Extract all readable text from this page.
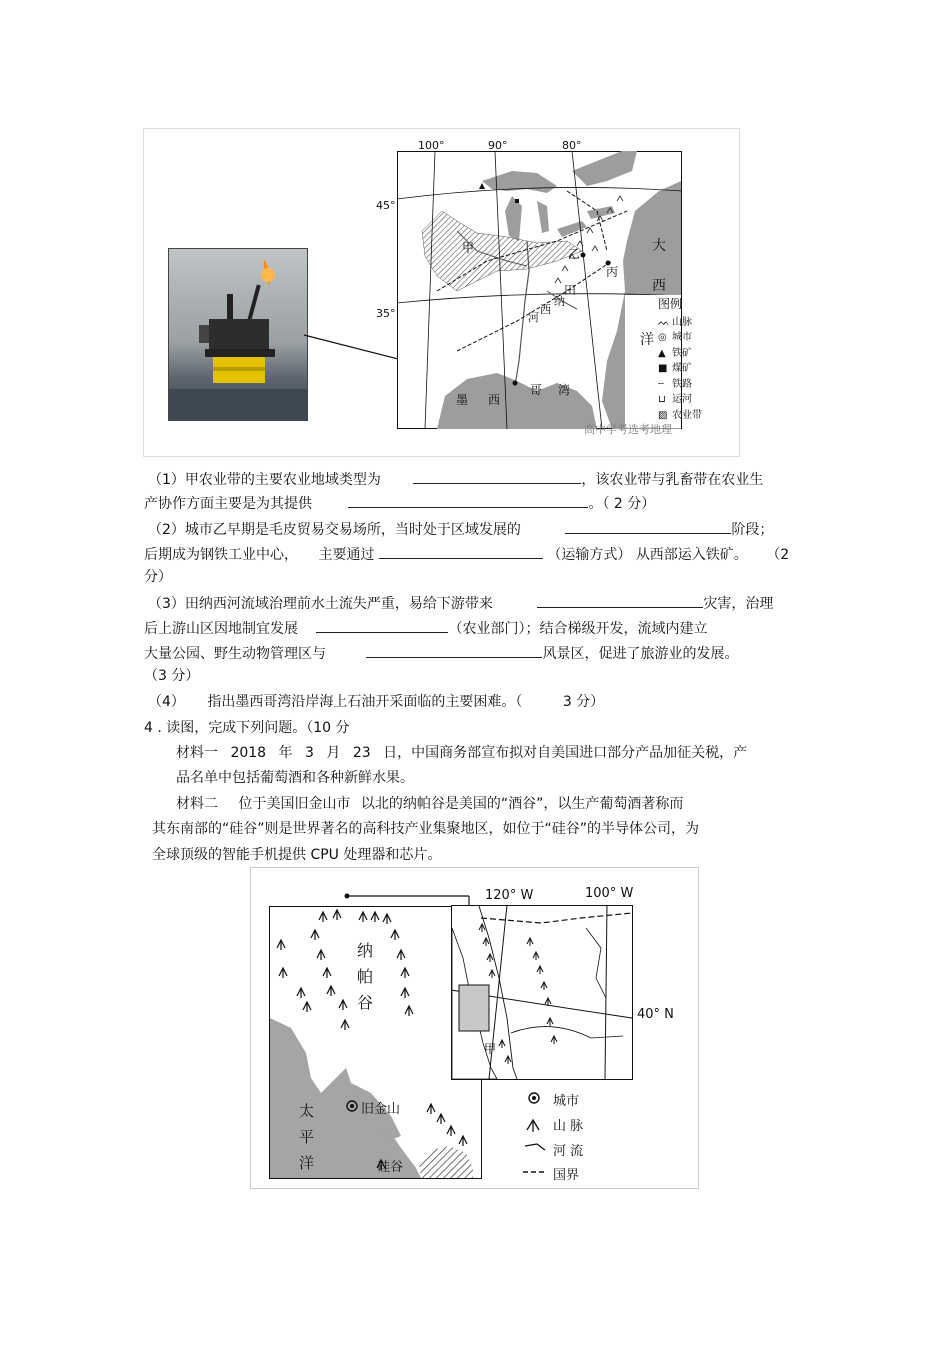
100°	90°	80°
45°
35°
甲	乙
丙
田
纳
西
河
大
西
洋
墨 西
哥 湾
图例
ᨓ 山脉
◎ 城市
▲ 铁矿
■ 煤矿
┄ 铁路
⊔ 运河
▨ 农业带
高中学考选考地理
（1）甲农业带的主要农业地域类型为	，该农业带与乳畜带在农业生
产协作方面主要是为其提供	。（ 2 分）
（2）城市乙早期是毛皮贸易交易场所，当时处于区域发展的	阶段；
后期成为钢铁工业中心， 主要通过	（运输方式） 从西部运入铁矿。 （2
分）
（3）田纳西河流域治理前水土流失严重，易给下游带来	灾害，治理
后上游山区因地制宜发展	（农业部门）；结合梯级开发，流域内建立
大量公园、野生动物管理区与	风景区，促进了旅游业的发展。
（3 分）
（4） 指出墨西哥湾沿岸海上石油开采面临的主要困难。（	3 分）
4 . 读图，完成下列问题。（10 分
材料一 2018 年 3 月 23 日，中国商务部宣布拟对自美国进口部分产品加征关税，产
品名单中包括葡萄酒和各种新鲜水果。
材料二 位于美国旧金山市 以北的纳帕谷是美国的“酒谷”，以生产葡萄酒著称而
其东南部的“硅谷”则是世界著名的高科技产业集聚地区，如位于“硅谷”的半导体公司，为
全球顶级的智能手机提供 CPU 处理器和芯片。
纳
帕
谷
太
平
洋
旧金山
硅谷
120° W	100° W
40° N
甲
城市
山 脉
河 流
国界
